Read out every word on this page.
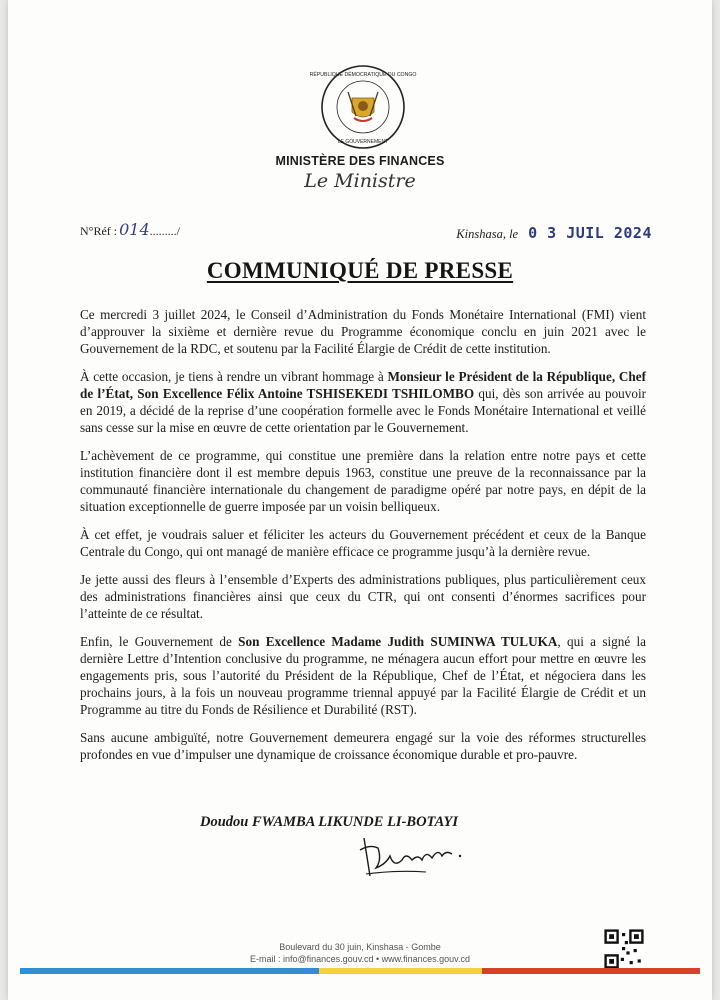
RÉPUBLIQUE DÉMOCRATIQUE DU CONGO
LE GOUVERNEMENT
MINISTÈRE DES FINANCES
Le Ministre
N°Réf : 014........./	Kinshasa, le 0 3 JUIL 2024
COMMUNIQUÉ DE PRESSE

Ce mercredi 3 juillet 2024, le Conseil d’Administration du Fonds Monétaire International (FMI) vient d’approuver la sixième et dernière revue du Programme économique conclu en juin 2021 avec le Gouvernement de la RDC, et soutenu par la Facilité Élargie de Crédit de cette institution.

À cette occasion, je tiens à rendre un vibrant hommage à Monsieur le Président de la République, Chef de l’État, Son Excellence Félix Antoine TSHISEKEDI TSHILOMBO qui, dès son arrivée au pouvoir en 2019, a décidé de la reprise d’une coopération formelle avec le Fonds Monétaire International et veillé sans cesse sur la mise en œuvre de cette orientation par le Gouvernement.

L’achèvement de ce programme, qui constitue une première dans la relation entre notre pays et cette institution financière dont il est membre depuis 1963, constitue une preuve de la reconnaissance par la communauté financière internationale du changement de paradigme opéré par notre pays, en dépit de la situation exceptionnelle de guerre imposée par un voisin belliqueux.

À cet effet, je voudrais saluer et féliciter les acteurs du Gouvernement précédent et ceux de la Banque Centrale du Congo, qui ont managé de manière efficace ce programme jusqu’à la dernière revue.

Je jette aussi des fleurs à l’ensemble d’Experts des administrations publiques, plus particulièrement ceux des administrations financières ainsi que ceux du CTR, qui ont consenti d’énormes sacrifices pour l’atteinte de ce résultat.

Enfin, le Gouvernement de Son Excellence Madame Judith SUMINWA TULUKA, qui a signé la dernière Lettre d’Intention conclusive du programme, ne ménagera aucun effort pour mettre en œuvre les engagements pris, sous l’autorité du Président de la République, Chef de l’État, et négociera dans les prochains jours, à la fois un nouveau programme triennal appuyé par la Facilité Élargie de Crédit et un Programme au titre du Fonds de Résilience et Durabilité (RST).

Sans aucune ambiguïté, notre Gouvernement demeurera engagé sur la voie des réformes structurelles profondes en vue d’impulser une dynamique de croissance économique durable et pro-pauvre.

Doudou FWAMBA LIKUNDE LI-BOTAYI
Boulevard du 30 juin, Kinshasa - Gombe
E-mail : info@finances.gouv.cd • www.finances.gouv.cd
